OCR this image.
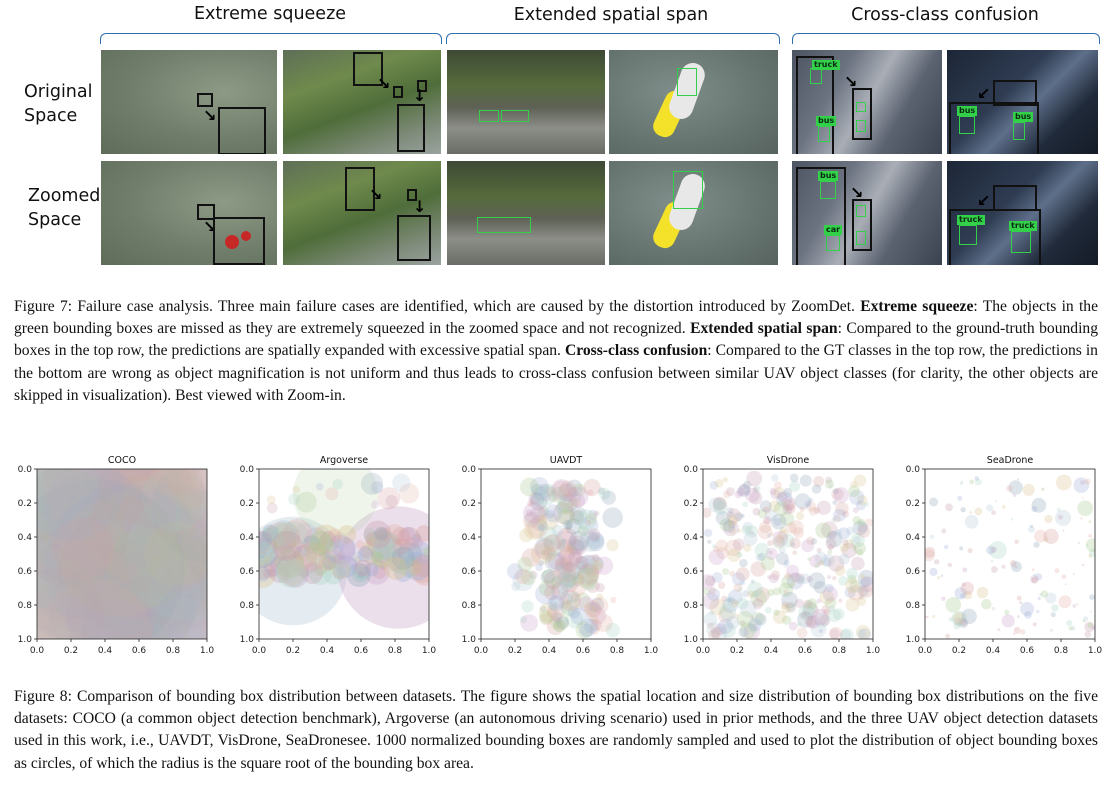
Extreme squeeze	Extended spatial span	Cross-class confusion
Original
Space
Zoomed
Space
↘
↘
↓
truck
bus
↘
↙
bus
bus
↘
↘
↓
bus
car
↘	↙
truck
truck
Figure 7: Failure case analysis. Three main failure cases are identified, which are caused by the distortion introduced by ZoomDet. Extreme squeeze: The objects in the green bounding boxes are missed as they are extremely squeezed in the zoomed space and not recognized. Extended spatial span: Compared to the ground-truth bounding boxes in the top row, the predictions are spatially expanded with excessive spatial span. Cross-class confusion: Compared to the GT classes in the top row, the predictions in the bottom are wrong as object magnification is not uniform and thus leads to cross-class confusion between similar UAV object classes (for clarity, the other objects are skipped in visualization). Best viewed with Zoom-in.
COCO
0.0
0.0
0.2
0.2
0.4
0.4
0.6
0.6
0.8
0.8
1.0
1.0
Argoverse
0.0
0.0
0.2
0.2
0.4
0.4
0.6
0.6
0.8
0.8
1.0
1.0
UAVDT
0.0
0.0
0.2
0.2
0.4
0.4
0.6
0.6
0.8
0.8
1.0
1.0
VisDrone
0.0
0.0
0.2
0.2
0.4
0.4
0.6
0.6
0.8
0.8
1.0
1.0
SeaDrone
0.0
0.0
0.2
0.2
0.4
0.4
0.6
0.6
0.8
0.8
1.0
1.0
Figure 8: Comparison of bounding box distribution between datasets. The figure shows the spatial location and size distribution of bounding box distributions on the five datasets: COCO (a common object detection benchmark), Argoverse (an autonomous driving scenario) used in prior methods, and the three UAV object detection datasets used in this work, i.e., UAVDT, VisDrone, SeaDronesee. 1000 normalized bounding boxes are randomly sampled and used to plot the distribution of object bounding boxes as circles, of which the radius is the square root of the bounding box area.
